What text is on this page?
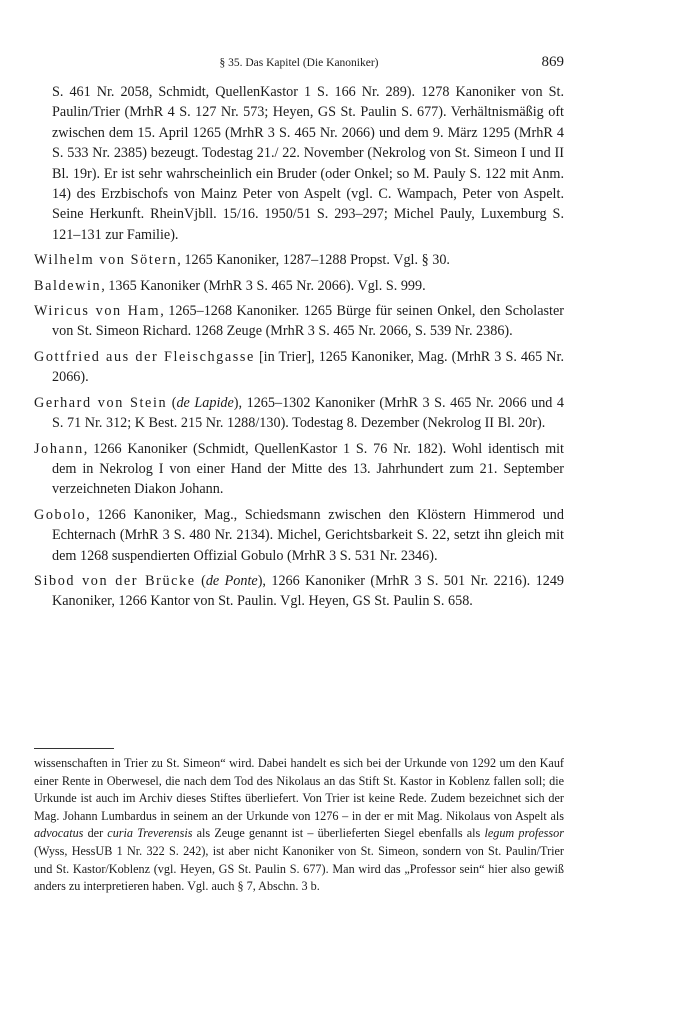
§ 35. Das Kapitel (Die Kanoniker)	869

S. 461 Nr. 2058, Schmidt, QuellenKastor 1 S. 166 Nr. 289). 1278 Kanoniker von St. Paulin/Trier (MrhR 4 S. 127 Nr. 573; Heyen, GS St. Paulin S. 677). Verhältnismäßig oft zwischen dem 15. April 1265 (MrhR 3 S. 465 Nr. 2066) und dem 9. März 1295 (MrhR 4 S. 533 Nr. 2385) bezeugt. Todestag 21./ 22. November (Nekrolog von St. Simeon I und II Bl. 19r). Er ist sehr wahrscheinlich ein Bruder (oder Onkel; so M. Pauly S. 122 mit Anm. 14) des Erzbischofs von Mainz Peter von Aspelt (vgl. C. Wampach, Peter von Aspelt. Seine Herkunft. RheinVjbll. 15/16. 1950/51 S. 293–297; Michel Pauly, Luxemburg S. 121–131 zur Familie).

Wilhelm von Sötern, 1265 Kanoniker, 1287–1288 Propst. Vgl. § 30.

Baldewin, 1365 Kanoniker (MrhR 3 S. 465 Nr. 2066). Vgl. S. 999.

Wiricus von Ham, 1265–1268 Kanoniker. 1265 Bürge für seinen Onkel, den Scholaster von St. Simeon Richard. 1268 Zeuge (MrhR 3 S. 465 Nr. 2066, S. 539 Nr. 2386).

Gottfried aus der Fleischgasse [in Trier], 1265 Kanoniker, Mag. (MrhR 3 S. 465 Nr. 2066).

Gerhard von Stein (de Lapide), 1265–1302 Kanoniker (MrhR 3 S. 465 Nr. 2066 und 4 S. 71 Nr. 312; K Best. 215 Nr. 1288/130). Todestag 8. Dezember (Nekrolog II Bl. 20r).

Johann, 1266 Kanoniker (Schmidt, QuellenKastor 1 S. 76 Nr. 182). Wohl identisch mit dem in Nekrolog I von einer Hand der Mitte des 13. Jahrhundert zum 21. September verzeichneten Diakon Johann.

Gobolo, 1266 Kanoniker, Mag., Schiedsmann zwischen den Klöstern Himmerod und Echternach (MrhR 3 S. 480 Nr. 2134). Michel, Gerichtsbarkeit S. 22, setzt ihn gleich mit dem 1268 suspendierten Offizial Gobulo (MrhR 3 S. 531 Nr. 2346).

Sibod von der Brücke (de Ponte), 1266 Kanoniker (MrhR 3 S. 501 Nr. 2216). 1249 Kanoniker, 1266 Kantor von St. Paulin. Vgl. Heyen, GS St. Paulin S. 658.

wissenschaften in Trier zu St. Simeon“ wird. Dabei handelt es sich bei der Urkunde von 1292 um den Kauf einer Rente in Oberwesel, die nach dem Tod des Nikolaus an das Stift St. Kastor in Koblenz fallen soll; die Urkunde ist auch im Archiv dieses Stiftes überliefert. Von Trier ist keine Rede. Zudem bezeichnet sich der Mag. Johann Lumbardus in seinem an der Urkunde von 1276 – in der er mit Mag. Nikolaus von Aspelt als advocatus der curia Treverensis als Zeuge genannt ist – überlieferten Siegel ebenfalls als legum professor (Wyss, HessUB 1 Nr. 322 S. 242), ist aber nicht Kanoniker von St. Simeon, sondern von St. Paulin/Trier und St. Kastor/Koblenz (vgl. Heyen, GS St. Paulin S. 677). Man wird das „Professor sein“ hier also gewiß anders zu interpretieren haben. Vgl. auch § 7, Abschn. 3 b.
